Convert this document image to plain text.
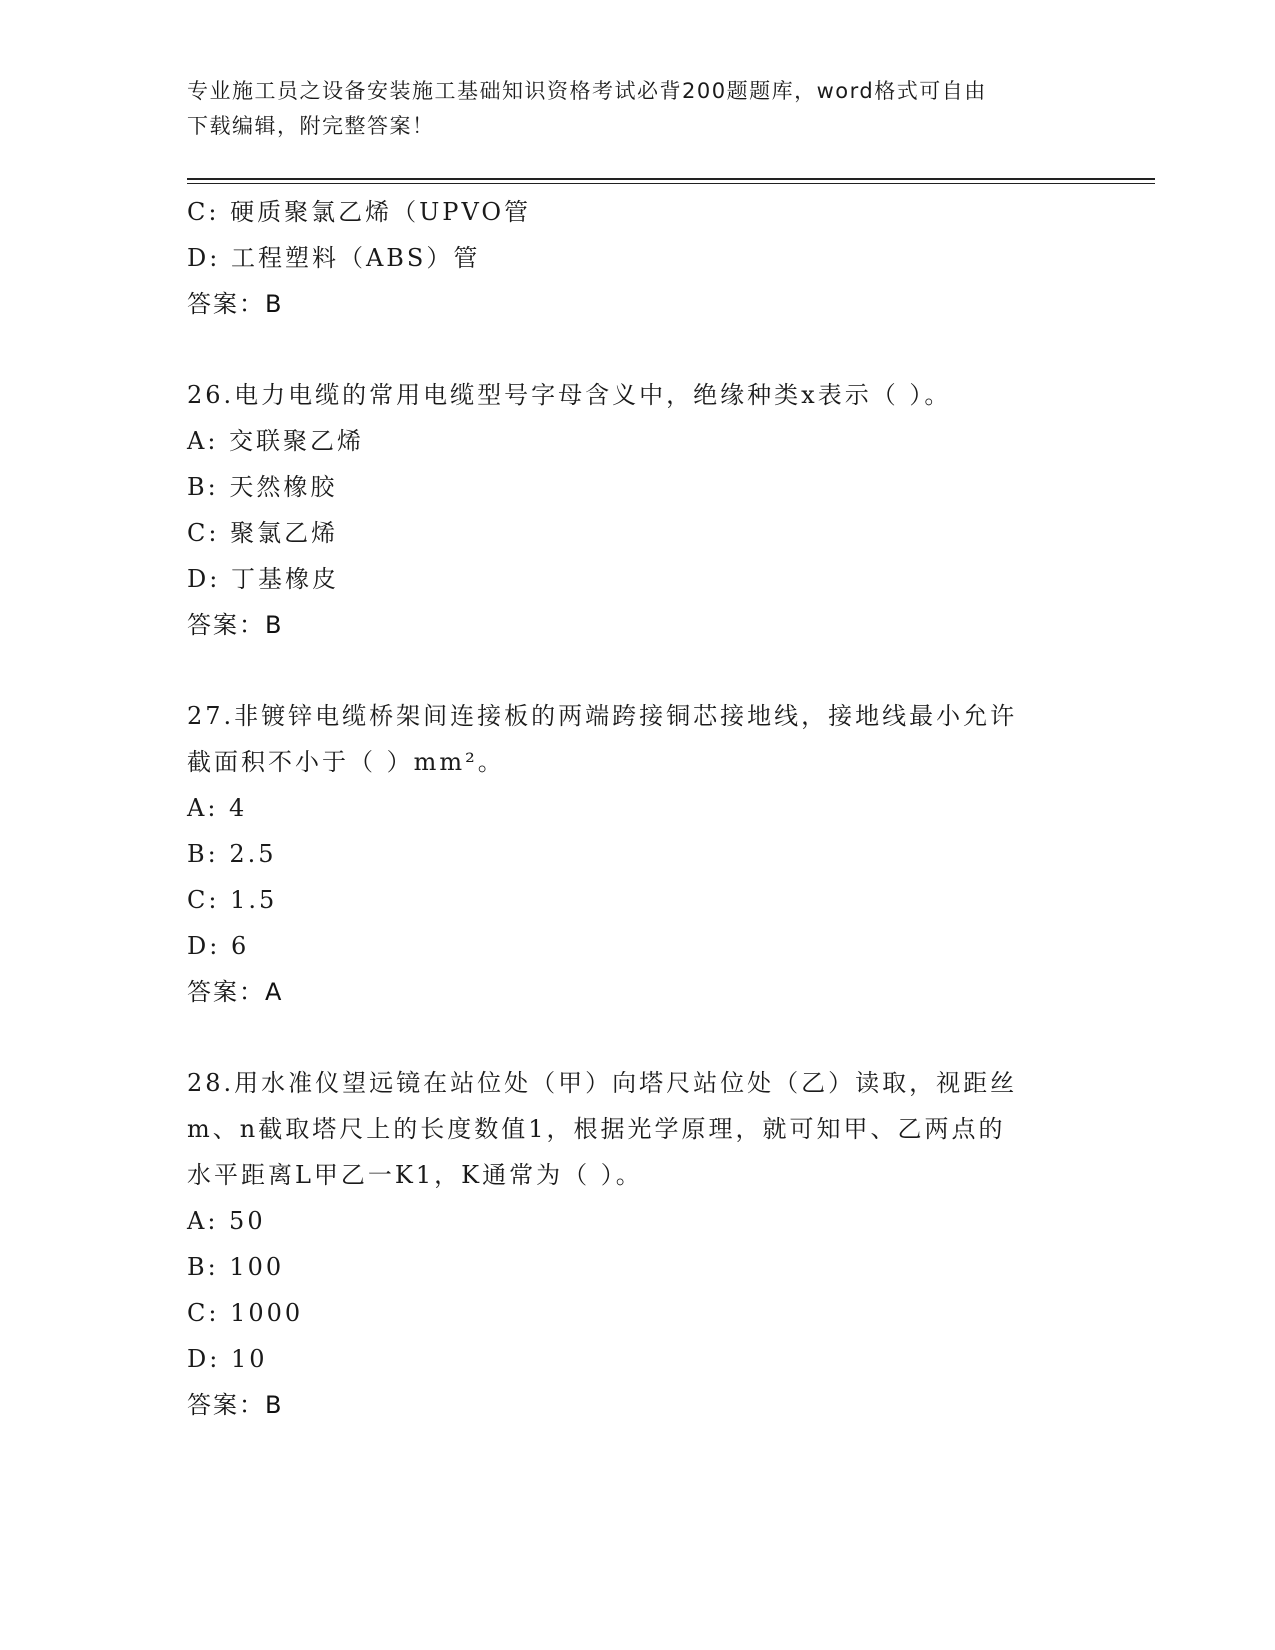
专业施工员之设备安装施工基础知识资格考试必背200题题库，word格式可自由
下载编辑，附完整答案！
C: 硬质聚氯乙烯（UPVO管
D: 工程塑料（ABS）管
答案：B
26.电力电缆的常用电缆型号字母含义中，绝缘种类x表示（ ）。
A: 交联聚乙烯
B: 天然橡胶
C: 聚氯乙烯
D: 丁基橡皮
答案：B
27.非镀锌电缆桥架间连接板的两端跨接铜芯接地线，接地线最小允许
截面积不小于（ ）mm²。
A: 4
B: 2.5
C: 1.5
D: 6
答案：A
28.用水准仪望远镜在站位处（甲）向塔尺站位处（乙）读取，视距丝
m、n截取塔尺上的长度数值1，根据光学原理，就可知甲、乙两点的
水平距离L甲乙一K1，K通常为（ ）。
A: 50
B: 100
C: 1000
D: 10
答案：B
